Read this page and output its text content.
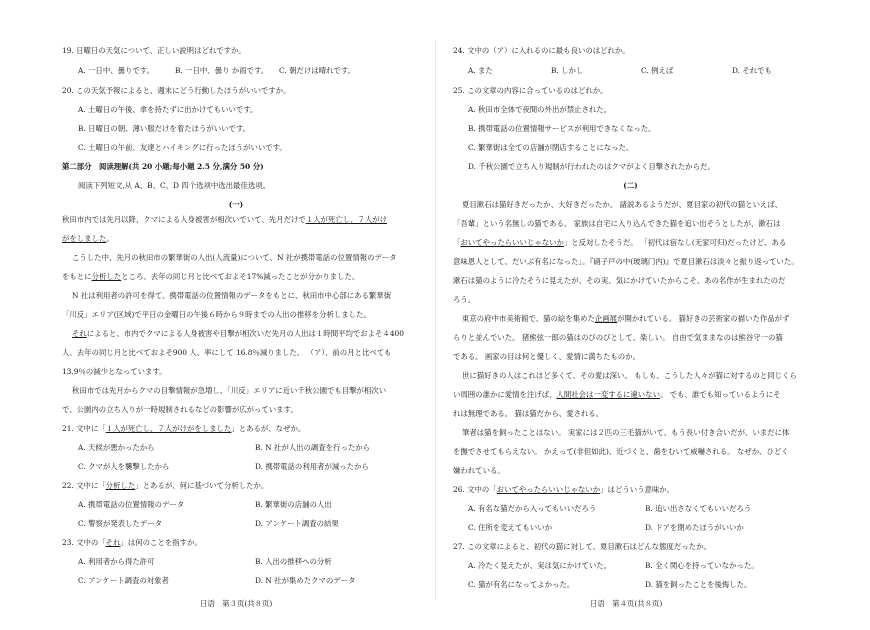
19. 日曜日の天気について、正しい説明はどれですか。
A. 一日中、曇りです。	B. 一日中、曇り か雨です。 C. 朝だけは晴れです。
20. この天気予報によると、週末にどう行動したほうがいいですか。
A. 土曜日の午後、傘を持たずに出かけてもいいです。
B. 日曜日の朝、薄い服だけを着たほうがいいです。
C. 土曜日の午前、友達とハイキングに行ったほうがいいです。
第二部分　阅读理解(共 20 小题;每小题 2.5 分,满分 50 分)
阅读下列短文,从 A、B、C、D 四个选项中选出最佳选项。
(一)
秋田市内では先月以降、クマによる人身被害が相次いでいて、先月だけで１人が死亡し、７人がけ
がをしました。
こうした中、先月の秋田市の繁華街の人出(人流量)について、N 社が携帯電話の位置情報のデータ
をもとに分析したところ、去年の同じ月と比べておよそ17%減ったことが分かりました。
N 社は利用者の許可を得て、携帯電話の位置情報のデータをもとに、秋田市中心部にある繁華街
「川反」エリア(区域)で平日の金曜日の午後６時から９時までの人出の推移を分析しました。
それによると、市内でクマによる人身被害や目撃が相次いだ先月の人出は１時間平均でおよそ４400
人、去年の同じ月と比べておよそ900 人、率にして 16.8％減りました。 （ア）、前の月と比べても
13.9％の減少となっています。
秋田市では先月からクマの目撃情報が急増し、「川反」エリアに近い千秋公園でも目撃が相次い
で、公園内の立ち入りが一時規制されるなどの影響が広がっています。
21. 文中に「１人が死亡し、７人がけがをしました」とあるが、なぜか。
A. 天候が悪かったから	B. N 社が人出の調査を行ったから
C. クマが人を襲撃したから	D. 携帯電話の利用者が減ったから
22. 文中に「分析した」とあるが、何に基づいて分析したか。
A. 携帯電話の位置情報のデータ	B. 繁華街の店舗の人出
C. 警察が発表したデータ	D. アンケート調査の結果
23. 文中の「それ」は何のことを指すか。
A. 利用者から得た許可	B. 人出の推移への分析
C. アンケート調査の対象者	D. N 社が集めたクマのデータ
日语　第３页(共８页)
24. 文中の（ア）に入れるのに最も良いのはどれか。
A. また	B. しかし	C. 例えば	D. それでも
25. この文章の内容に合っているのはどれか。
A. 秋田市全体で夜間の外出が禁止された。
B. 携帯電話の位置情報サービスが利用できなくなった。
C. 繁華街は全ての店舗が閉店することになった。
D. 千秋公園で立ち入り規制が行われたのはクマがよく目撃されたからだ。
(二)
夏目漱石は猫好きだったか、大好きだったか。 諸説あるようだが、夏目家の初代の猫といえば、
「吾輩」という名無しの猫である。 家族は自宅に入り込んできた猫を追い出そうとしたが、漱石は
「おいてやったらいいじゃないか」と反対したそうだ。 「初代は宿なし(无家可归)だったけど、ある
意味恩人として、だいぶ有名になった」。『硝子戸の中(玻璃门内)』で夏目漱石は淡々と振り返っていた。
漱石は猫のように冷たそうに見えたが、その実、気にかけていたからこそ、あの名作が生まれたのだ
ろう。
東京の府中市美術館で、猫の絵を集めた企画展が開かれている。 猫好きの芸術家の描いた作品がず
らりと並んでいた。 猪熊弦一郎の猫はのびのびとして、楽しい。 自由で気ままなのは熊谷守一の猫
である。 画家の目は何と優しく、愛情に満ちたものか。
世に猫好きの人はこれほど多くて、その愛は深い。 もしも、こうした人々が猫に対するのと同じくら
い周囲の誰かに愛情を注げば、人間社会は一変するに違いない。 でも、誰でも知っているようにそ
れは無理である。 猫は猫だから、愛される。
筆者は猫を飼ったことはない。 実家には２匹の三毛猫がいて、もう長い付き合いだが、いまだに体
を撫でさせてもらえない。 かえって(非但如此)、近づくと、歯をむいて威嚇される。 なぜか、ひどく
嫌われている。
26. 文中の「おいてやったらいいじゃないか」はどういう意味か。
A. 有名な猫だから入ってもいいだろう	B. 追い出さなくてもいいだろう
C. 住所を変えてもいいか	D. ドアを閉めたほうがいいか
27. この文章によると、初代の猫に対して、夏目漱石はどんな態度だったか。
A. 冷たく見えたが、実は気にかけていた。	B. 全く関心を持っていなかった。
C. 猫が有名になってよかった。	D. 猫を飼ったことを後悔した。
日语　第４页(共８页)
